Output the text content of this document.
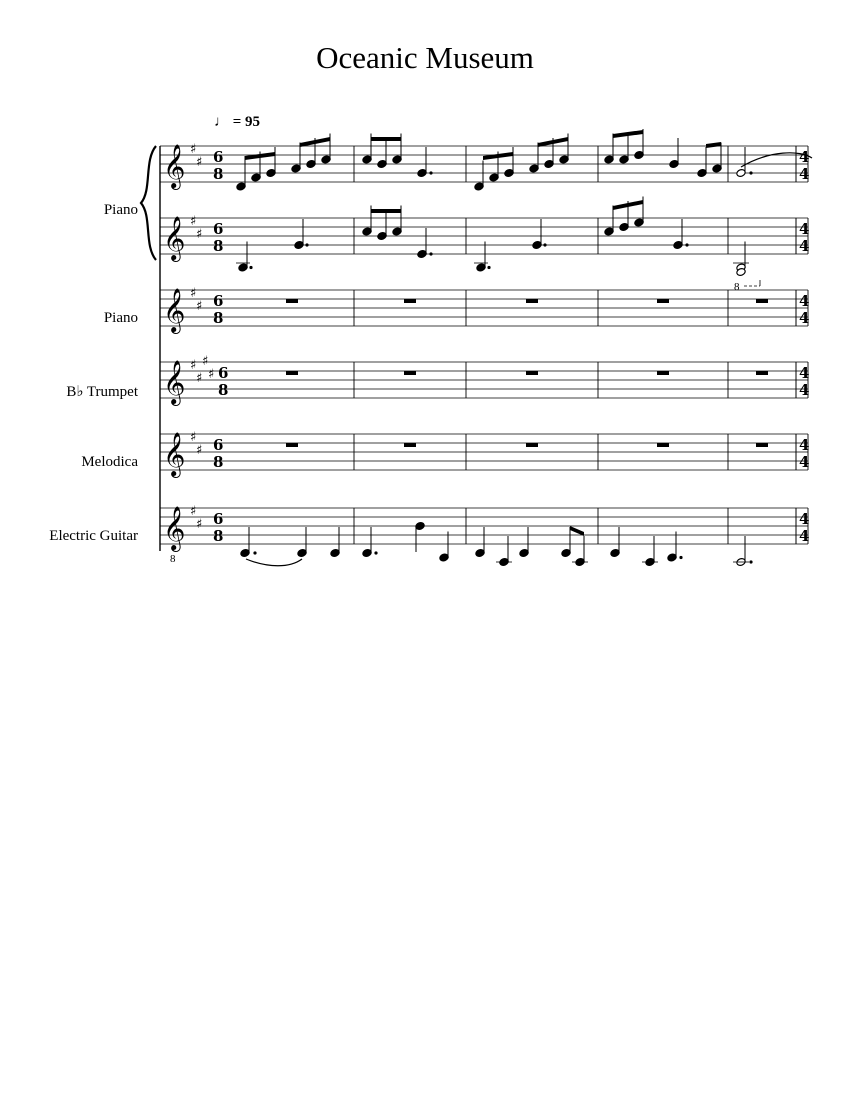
Oceanic Museum
♩ = 95
Piano
Piano
B♭ Trumpet
Melodica
Electric Guitar
𝄞 ♯
♯ 6
8
4
4
𝄞 ♯
♯ 6
8
4
4
𝄞 ♯
♯ 6
8
4
4
𝄞 ♯
♯
♯
♯ 6
8
4
4
𝄞 ♯
♯ 6
8
4
4
𝄞 ♯
♯ 6
8
4
4
8
8
